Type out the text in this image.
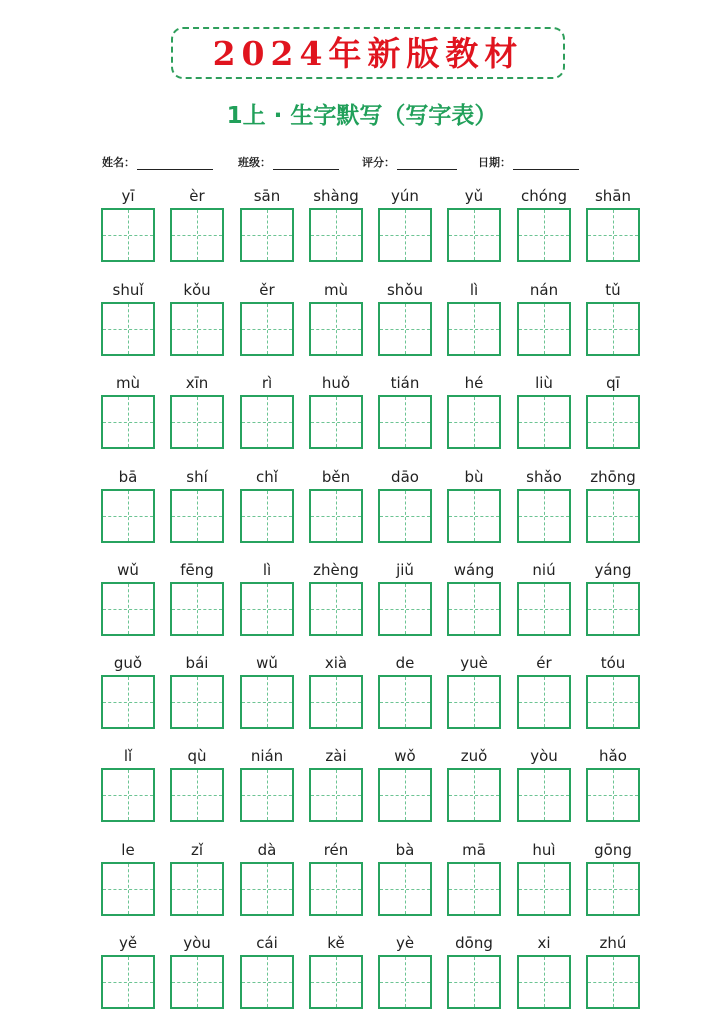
2024年新版教材
1上 · 生字默写（写字表）
姓名：	班级：	评分：	日期：
yī	èr	sān	shàng	yún	yǔ	chóng	shān
shuǐ	kǒu	ěr	mù	shǒu	lì	nán	tǔ
mù	xīn	rì	huǒ	tián	hé	liù	qī
bā	shí	chǐ	běn	dāo	bù	shǎo	zhōng
wǔ	fēng	lì	zhèng	jiǔ	wáng	niú	yáng
guǒ	bái	wǔ	xià	de	yuè	ér	tóu
lǐ	qù	nián	zài	wǒ	zuǒ	yòu	hǎo
le	zǐ	dà	rén	bà	mā	huì	gōng
yě	yòu	cái	kě	yè	dōng	xi	zhú
